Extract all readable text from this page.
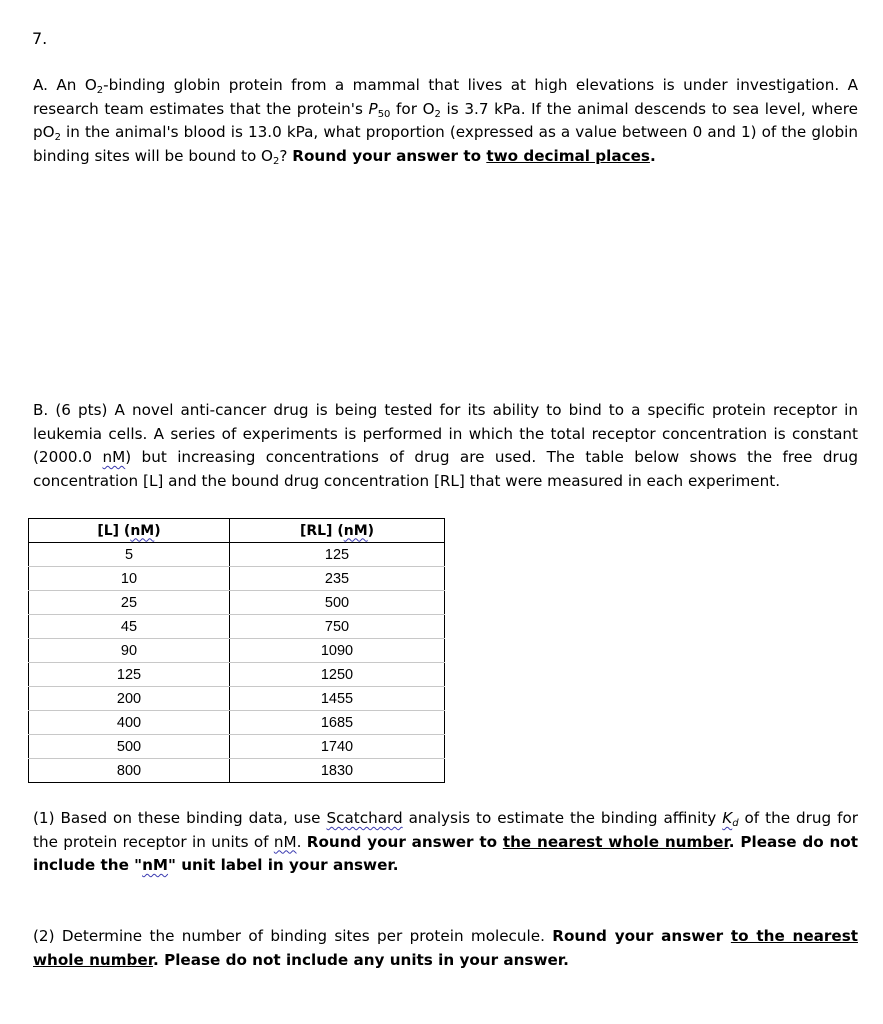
7.

A. An $O_2$-binding globin protein from a mammal that lives at high elevations is under investigation. A research team estimates that the protein's $P_{50}$ for $O_2$ is 3.7 kPa. If the animal descends to sea level, where $pO_2$ in the animal's blood is 13.0 kPa, what proportion (expressed as a value between 0 and 1) of the globin binding sites will be bound to $O_2$? Round your answer to two decimal places.

B. (6 pts) A novel anti-cancer drug is being tested for its ability to bind to a specific protein receptor in leukemia cells. A series of experiments is performed in which the total receptor concentration is constant (2000.0 nM) but increasing concentrations of drug are used. The table below shows the free drug concentration [L] and the bound drug concentration [RL] that were measured in each experiment.

[L] (nM)	[RL] (nM)
5	125
10	235
25	500
45	750
90	1090
125	1250
200	1455
400	1685
500	1740
800	1830

(1) Based on these binding data, use Scatchard analysis to estimate the binding affinity $K_d$ of the drug for the protein receptor in units of nM. Round your answer to the nearest whole number. Please do not include the "nM" unit label in your answer.

(2) Determine the number of binding sites per protein molecule. Round your answer to the nearest whole number. Please do not include any units in your answer.
